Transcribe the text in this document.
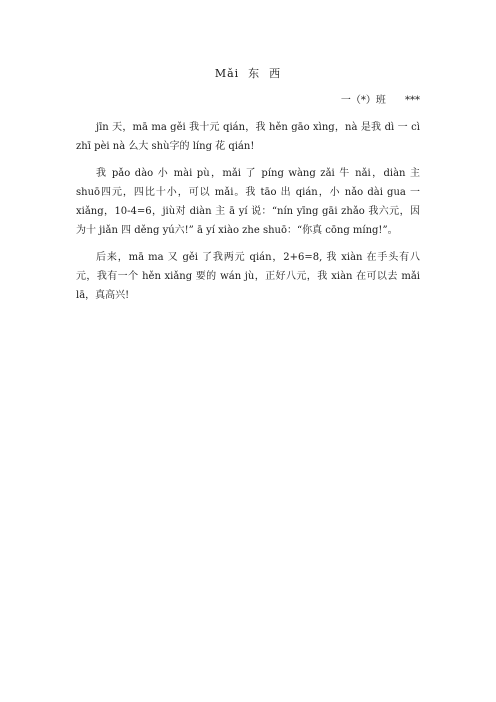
Mǎi  东  西
一（*）班      ***

jīn 天，mā ma gěi 我十元 qián，我 hěn gāo xìng，nà 是我 dì 一 cì zhī pèi nà 么大 shù字的 líng 花 qián!

我 pǎo dào 小 mài pù，mǎi 了 píng wàng zǎi 牛 nǎi，diàn 主 shuō四元，四比十小，可以 mǎi。我 tāo 出 qián，小 nǎo dài gua 一 xiǎng，10-4=6，jiù对 diàn 主 ā yí 说：“nín yīng gāi zhǎo 我六元，因为十 jiǎn 四 děng yú六!” ā yí xiào zhe shuō：“你真 cōng míng!”。

后来，mā ma 又 gěi 了我两元 qián，2+6=8, 我 xiàn 在手头有八元，我有一个 hěn xiǎng 要的 wán jù，正好八元，我 xiàn 在可以去 mǎi lā，真高兴!
